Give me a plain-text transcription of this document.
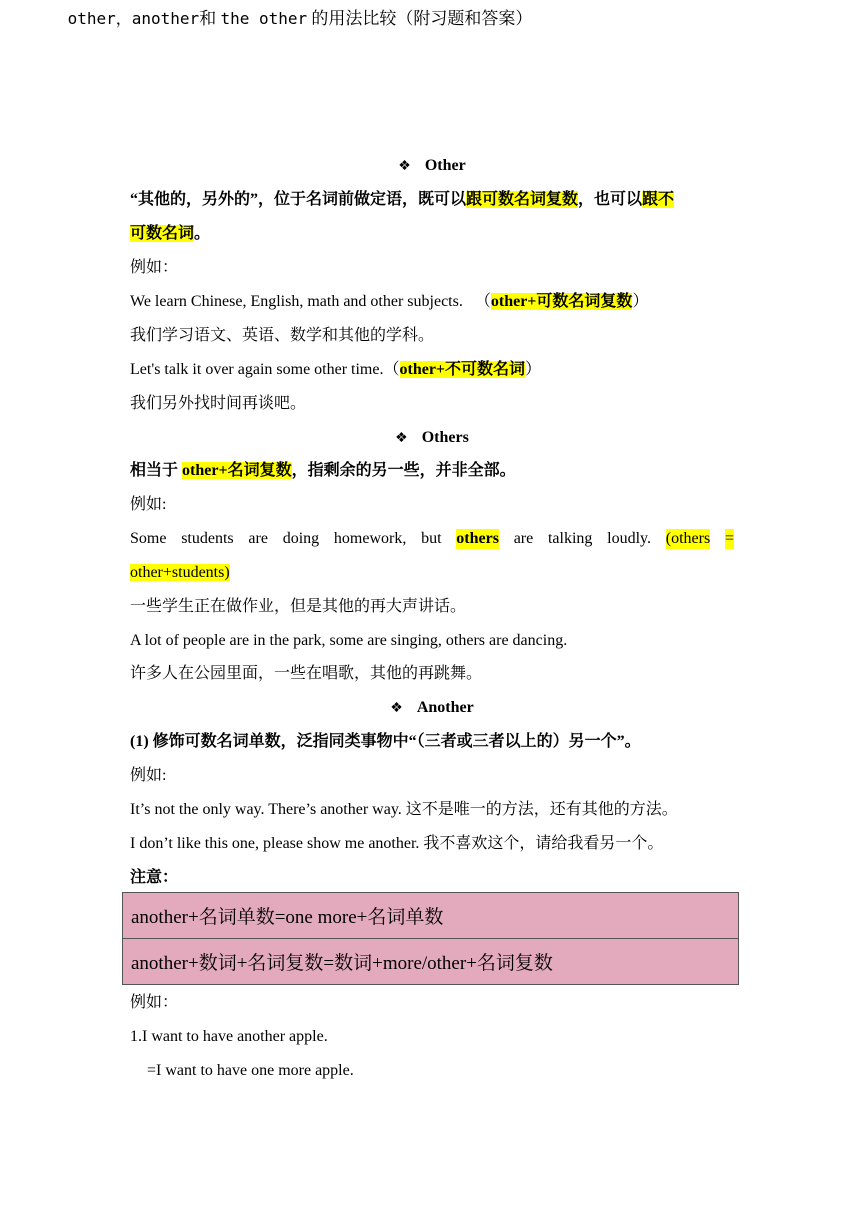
other，another和 the other 的用法比较（附习题和答案）
❖ Other
“其他的，另外的”，位于名词前做定语，既可以跟可数名词复数，也可以跟不
可数名词。
例如：
We learn Chinese, English, math and other subjects. （other+可数名词复数）
我们学习语文、英语、数学和其他的学科。
Let's talk it over again some other time.（other+不可数名词）
我们另外找时间再谈吧。
❖ Others
相当于 other+名词复数，指剩余的另一些，并非全部。
例如:
Some students are doing homework, but others are talking loudly. (others =
other+students)
一些学生正在做作业，但是其他的再大声讲话。
A lot of people are in the park, some are singing, others are dancing.
许多人在公园里面，一些在唱歌，其他的再跳舞。
❖ Another
(1) 修饰可数名词单数，泛指同类事物中“（三者或三者以上的）另一个”。
例如:
It’s not the only way. There’s another way. 这不是唯一的方法，还有其他的方法。
I don’t like this one, please show me another. 我不喜欢这个，请给我看另一个。
注意：
another+名词单数=one more+名词单数
another+数词+名词复数=数词+more/other+名词复数
例如：
1.I want to have another apple.
=I want to have one more apple.
